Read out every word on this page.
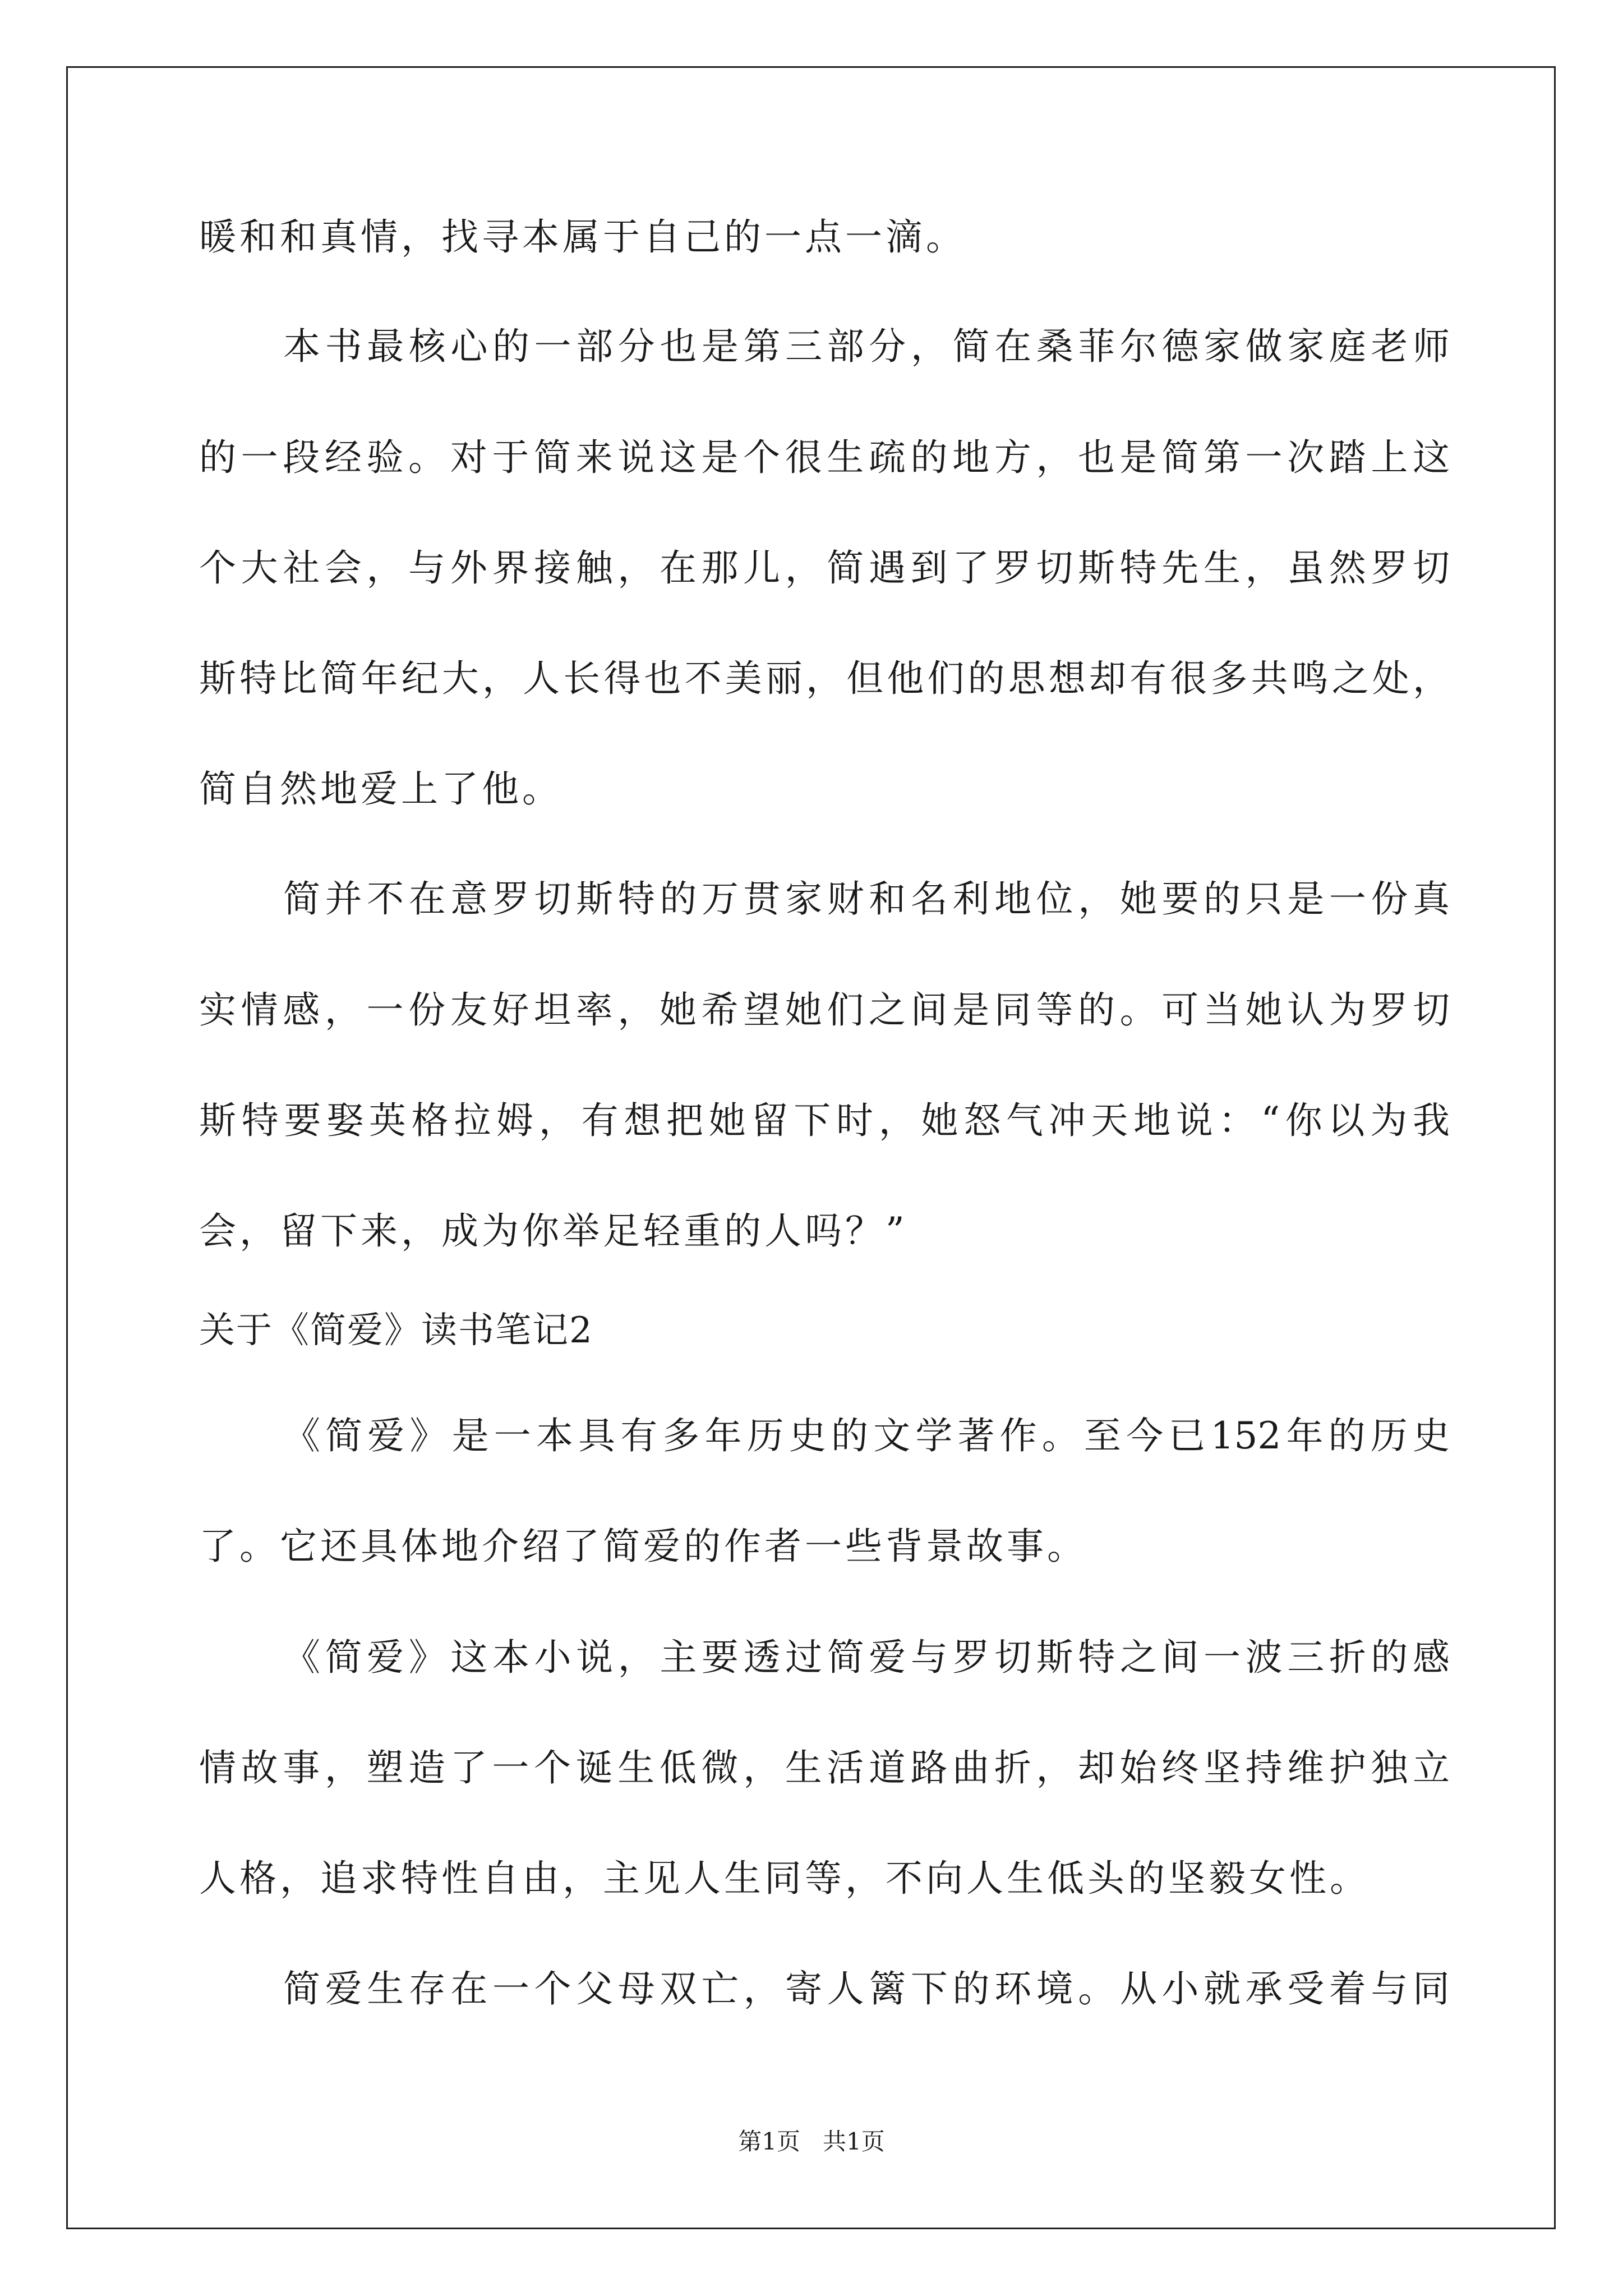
暖和和真情，找寻本属于自己的一点一滴。
本书最核心的一部分也是第三部分，简在桑菲尔德家做家庭老师
的一段经验。对于简来说这是个很生疏的地方，也是简第一次踏上这
个大社会，与外界接触，在那儿，简遇到了罗切斯特先生，虽然罗切
斯特比简年纪大，人长得也不美丽，但他们的思想却有很多共鸣之处，
简自然地爱上了他。
简并不在意罗切斯特的万贯家财和名利地位，她要的只是一份真
实情感，一份友好坦率，她希望她们之间是同等的。可当她认为罗切
斯特要娶英格拉姆，有想把她留下时，她怒气冲天地说：“你以为我
会，留下来，成为你举足轻重的人吗？”
关于《简爱》读书笔记2
《简爱》是一本具有多年历史的文学著作。至今已152年的历史
了。它还具体地介绍了简爱的作者一些背景故事。
《简爱》这本小说，主要透过简爱与罗切斯特之间一波三折的感
情故事，塑造了一个诞生低微，生活道路曲折，却始终坚持维护独立
人格，追求特性自由，主见人生同等，不向人生低头的坚毅女性。
简爱生存在一个父母双亡，寄人篱下的环境。从小就承受着与同
第1页   共1页
